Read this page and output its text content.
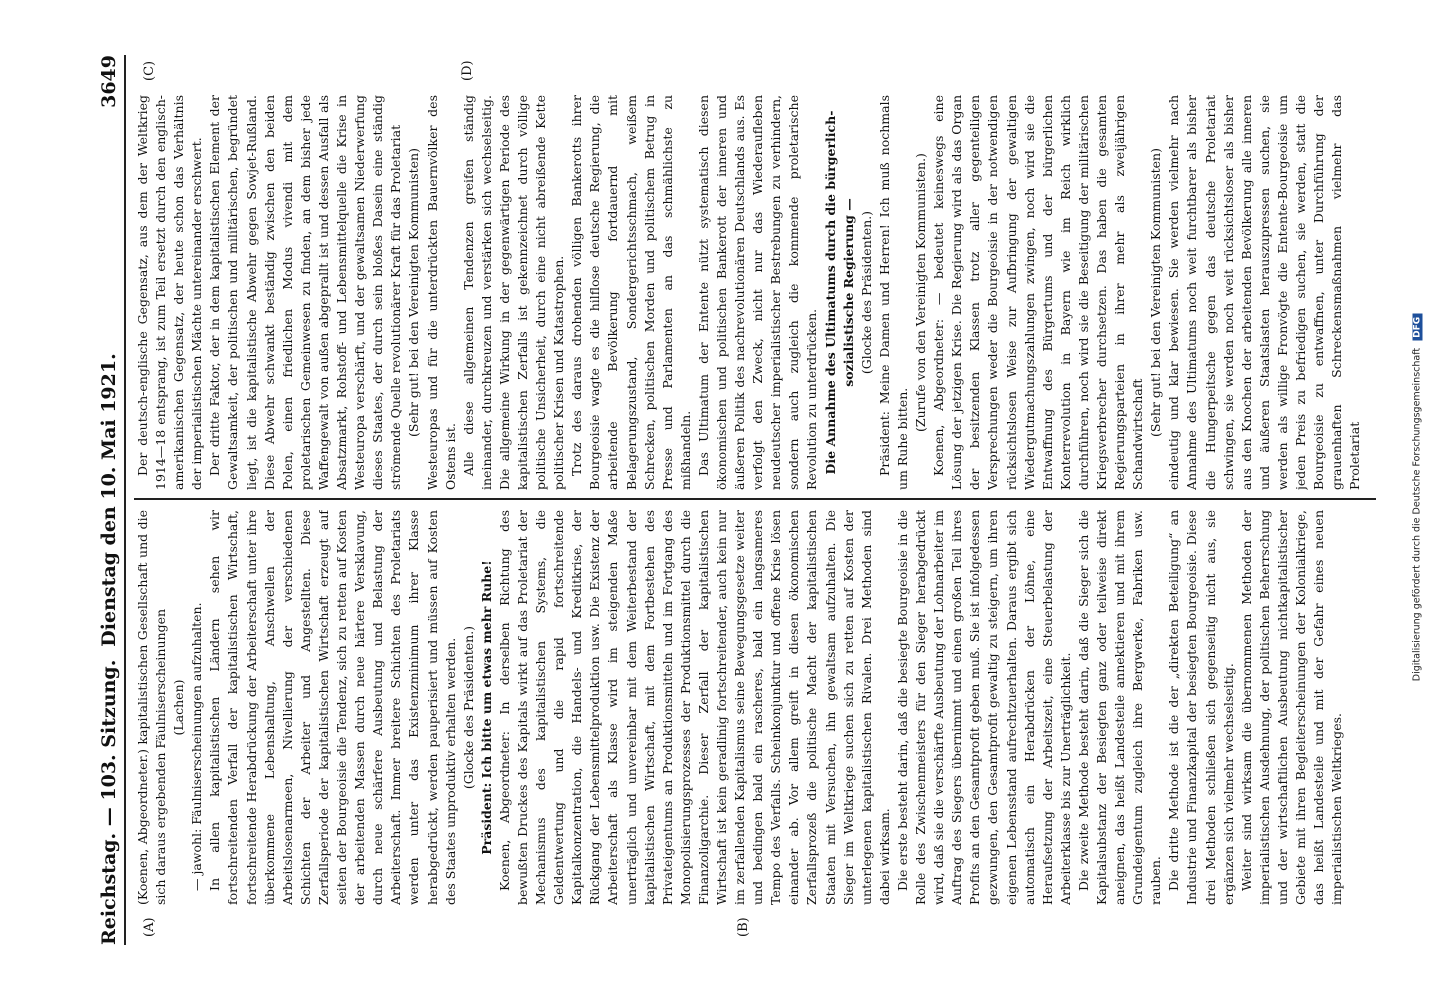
Reichstag. — 103. Sitzung.
Dienstag den 10. Mai 1921.
3649
(A)	(B)
(C)	(D)

(Koenen, Abgeordneter.) kapitalistischen Gesellschaft und die sich daraus ergebenden Fäulniserscheinungen (Lachen) — jawohl: Fäulniserscheinungen aufzuhalten. In allen kapitalistischen Ländern sehen wir fortschreitenden Verfall der kapitalistischen Wirtschaft, fortschreitende Herabdrückung der Arbeiterschaft unter ihre überkommene Lebenshaltung, Anschwellen der Arbeitslosenarmeen, Nivellierung der verschiedenen Schichten der Arbeiter und Angestellten. Diese Zerfallsperiode der kapitalistischen Wirtschaft erzeugt auf seiten der Bourgeoisie die Tendenz, sich zu retten auf Kosten der arbeitenden Massen durch neue härtere Versklavung, durch neue schärfere Ausbeutung und Belastung der Arbeiterschaft. Immer breitere Schichten des Proletariats werden unter das Existenzminimum ihrer Klasse herabgedrückt, werden pauperisiert und müssen auf Kosten des Staates unproduktiv erhalten werden. (Glocke des Präsidenten.) Präsident: Ich bitte um etwas mehr Ruhe! Koenen, Abgeordneter: In derselben Richtung des bewußten Druckes des Kapitals wirkt auf das Proletariat der Mechanismus des kapitalistischen Systems, die Geldentwertung und die rapid fortschreitende Kapitalkonzentration, die Handels- und Kreditkrise, der Rückgang der Lebensmittelproduktion usw. Die Existenz der Arbeiterschaft als Klasse wird im steigenden Maße unerträglich und unvereinbar mit dem Weiterbestand der kapitalistischen Wirtschaft, mit dem Fortbestehen des Privateigentums an Produktionsmitteln und im Fortgang des Monopolisierungsprozesses der Produktionsmittel durch die Finanzoligarchie. Dieser Zerfall der kapitalistischen Wirtschaft ist kein geradlinig fortschreitender, auch kein nur im zerfallenden Kapitalismus seine Bewegungsgesetze weiter und bedingen bald ein rascheres, bald ein langsameres Tempo des Verfalls. Scheinkonjunktur und offene Krise lösen einander ab. Vor allem greift in diesen ökonomischen Zerfallsprozeß die politische Macht der kapitalistischen Staaten mit Versuchen, ihn gewaltsam aufzuhalten. Die Sieger im Weltkriege suchen sich zu retten auf Kosten der unterlegenen kapitalistischen Rivalen. Drei Methoden sind dabei wirksam. Die erste besteht darin, daß die besiegte Bourgeoisie in die Rolle des Zwischenmeisters für den Sieger herabgedrückt wird, daß sie die verschärfte Ausbeutung der Lohnarbeiter im Auftrag des Siegers übernimmt und einen großen Teil ihres Profits an den Gesamtprofit geben muß. Sie ist infolgedessen gezwungen, den Gesamtprofit gewaltig zu steigern, um ihren eigenen Lebensstand aufrechtzuerhalten. Daraus ergibt sich automatisch ein Herabdrücken der Löhne, eine Heraufsetzung der Arbeitszeit, eine Steuerbelastung der Arbeiterklasse bis zur Unerträglichkeit. Die zweite Methode besteht darin, daß die Sieger sich die Kapitalsubstanz der Besiegten ganz oder teilweise direkt aneignen, das heißt Landesteile annektieren und mit ihrem Grundeigentum zugleich ihre Bergwerke, Fabriken usw. rauben. Die dritte Methode ist die der „direkten Beteiligung“ an Industrie und Finanzkapital der besiegten Bourgeoisie. Diese drei Methoden schließen sich gegenseitig nicht aus, sie ergänzen sich vielmehr wechselseitig. Weiter sind wirksam die übernommenen Methoden der imperialistischen Ausdehnung, der politischen Beherrschung und der wirtschaftlichen Ausbeutung nichtkapitalistischer Gebiete mit ihren Begleiterscheinungen der Kolonialkriege, das heißt Landesteile und mit der Gefahr eines neuen imperialistischen Weltkrieges.

Der deutsch-englische Gegensatz, aus dem der Weltkrieg 1914—18 entsprang, ist zum Teil ersetzt durch den englisch-amerikanischen Gegensatz, der heute schon das Verhältnis der imperialistischen Mächte untereinander erschwert. Der dritte Faktor, der in dem kapitalistischen Element der Gewaltsamkeit, der politischen und militärischen, begründet liegt, ist die kapitalistische Abwehr gegen Sowjet-Rußland. Diese Abwehr schwankt beständig zwischen den beiden Polen, einen friedlichen Modus vivendi mit dem proletarischen Gemeinwesen zu finden, an dem bisher jede Waffengewalt von außen abgeprallt ist und dessen Ausfall als Absatzmarkt, Rohstoff- und Lebensmittelquelle die Krise in Westeuropa verschärft, und der gewaltsamen Niederwerfung dieses Staates, der durch sein bloßes Dasein eine ständig strömende Quelle revolutionärer Kraft für das Proletariat (Sehr gut! bei den Vereinigten Kommunisten) Westeuropas und für die unterdrückten Bauernvölker des Ostens ist. Alle diese allgemeinen Tendenzen greifen ständig ineinander, durchkreuzen und verstärken sich wechselseitig. Die allgemeine Wirkung in der gegenwärtigen Periode des kapitalistischen Zerfalls ist gekennzeichnet durch völlige politische Unsicherheit, durch eine nicht abreißende Kette politischer Krisen und Katastrophen. Trotz des daraus drohenden völligen Bankerotts ihrer Bourgeoisie wagte es die hilflose deutsche Regierung, die arbeitende Bevölkerung fortdauernd mit Belagerungszustand, Sondergerichtsschmach, weißem Schrecken, politischen Morden und politischem Betrug in Presse und Parlamenten an das schmählichste zu mißhandeln. Das Ultimatum der Entente nützt systematisch diesen ökonomischen und politischen Bankerott der inneren und äußeren Politik des nachrevolutionären Deutschlands aus. Es verfolgt den Zweck, nicht nur das Wiederaufleben neudeutscher imperialistischer Bestrebungen zu verhindern, sondern auch zugleich die kommende proletarische Revolution zu unterdrücken. Die Annahme des Ultimatums durch die bürgerlich-sozialistische Regierung — (Glocke des Präsidenten.) Präsident: Meine Damen und Herren! Ich muß nochmals um Ruhe bitten.

(Zurufe von den Vereinigten Kommunisten.) Koenen, Abgeordneter: — bedeutet keineswegs eine Lösung der jetzigen Krise. Die Regierung wird als das Organ der besitzenden Klassen trotz aller gegenteiligen Versprechungen weder die Bourgeoisie in der notwendigen rücksichtslosen Weise zur Aufbringung der gewaltigen Wiedergutmachungszahlungen zwingen, noch wird sie die Entwaffnung des Bürgertums und der bürgerlichen Konterrevolution in Bayern wie im Reich wirklich durchführen, noch wird sie die Beseitigung der militärischen Kriegsverbrecher durchsetzen. Das haben die gesamten Regierungsparteien in ihrer mehr als zweijährigen Schandwirtschaft (Sehr gut! bei den Vereinigten Kommunisten) eindeutig und klar bewiesen. Sie werden vielmehr nach Annahme des Ultimatums noch weit furchtbarer als bisher die Hungerpeitsche gegen das deutsche Proletariat schwingen, sie werden noch weit rücksichtsloser als bisher aus den Knochen der arbeitenden Bevölkerung alle inneren und äußeren Staatslasten herauszupressen suchen, sie werden als willige Fronvögte die Entente-Bourgeoisie um jeden Preis zu befriedigen suchen, sie werden, statt die Bourgeoisie zu entwaffnen, unter Durchführung der grauenhaften Schreckensmaßnahmen vielmehr das Proletariat	Digitalisierung gefördert durch die Deutsche Forschungsgemeinschaft DFG
